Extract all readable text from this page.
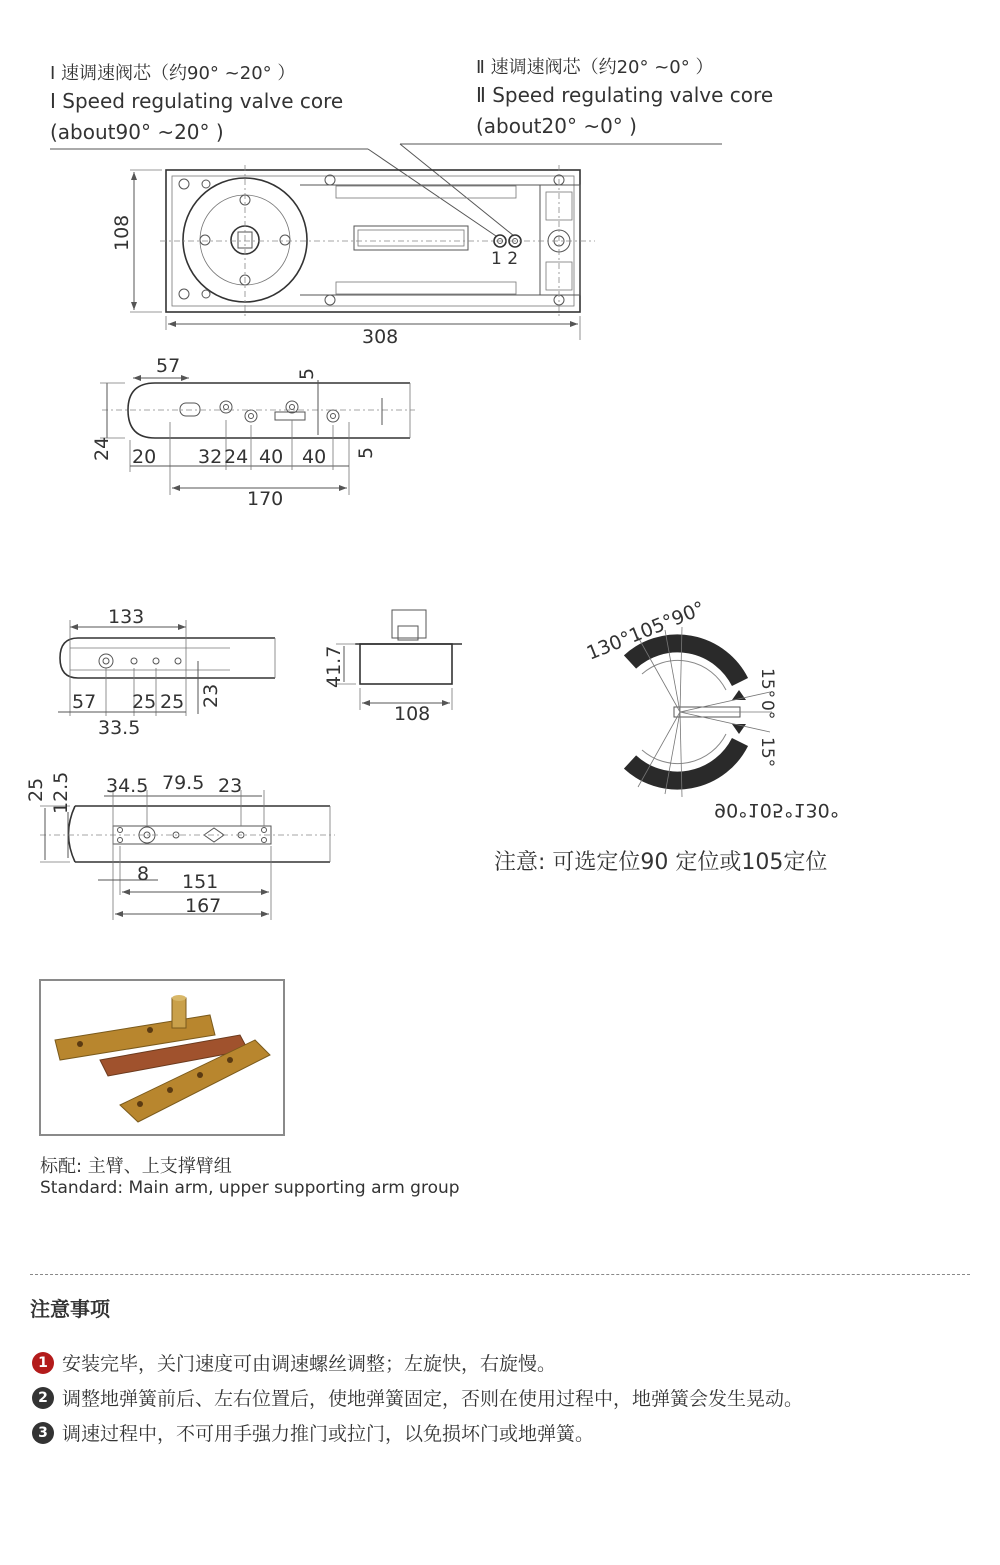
Ⅰ 速调速阀芯（约90° ~20° ）
Ⅰ Speed regulating valve core
(about90° ~20° )
Ⅱ 速调速阀芯（约20° ~0° ）
Ⅱ Speed regulating valve core
(about20° ~0° )
1 2
108
308
57	5
24 20 32 24 40 40 5
170
133
57 25 25 23
33.5
41.7
108
25 12.5 34.5 79.5 23
8 151
167
130°105°90°
15°
0°
15°
90°105°130°
注意: 可选定位90 定位或105定位
标配: 主臂、上支撑臂组
Standard: Main arm, upper supporting arm group
注意事项
1 安装完毕，关门速度可由调速螺丝调整；左旋快，右旋慢。
2 调整地弹簧前后、左右位置后，使地弹簧固定，否则在使用过程中，地弹簧会发生晃动。
3 调速过程中，不可用手强力推门或拉门，以免损坏门或地弹簧。
